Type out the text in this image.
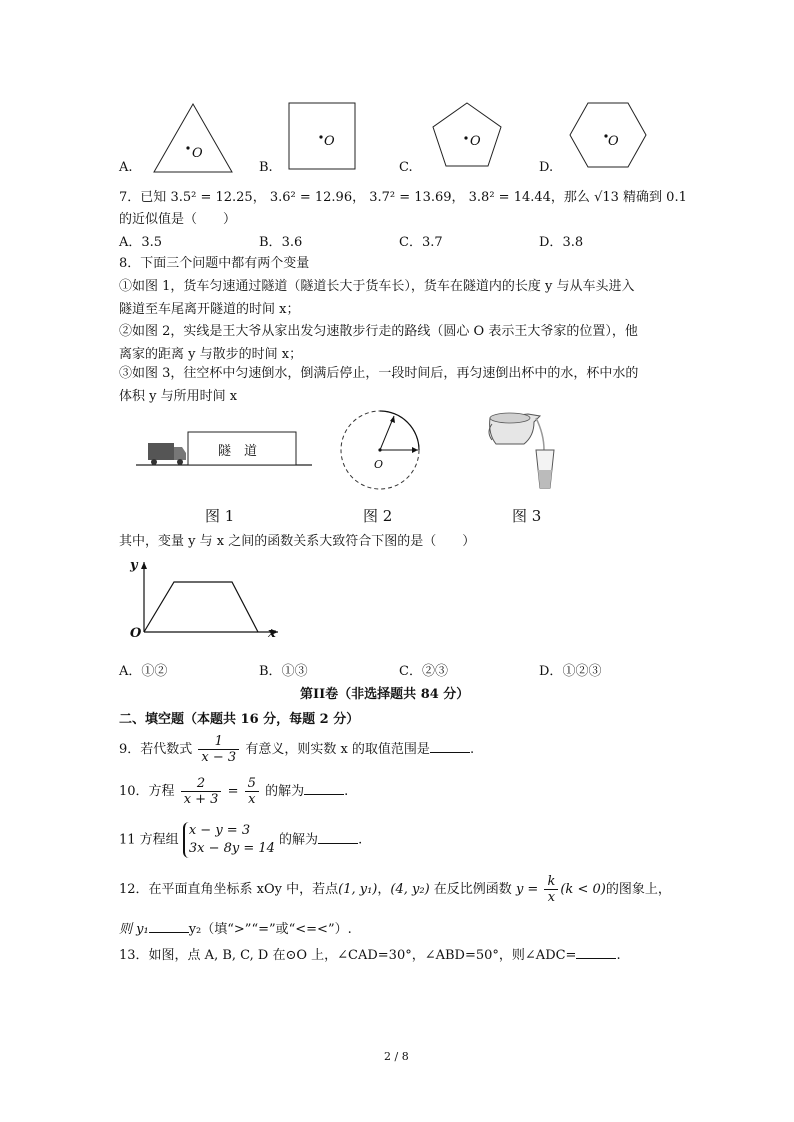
A.
O
B.
O
C.
O
D.
O
7．已知 3.5² = 12.25， 3.6² = 12.96， 3.7² = 13.69， 3.8² = 14.44，那么 √13 精确到 0.1
的近似值是（　　）
A．3.5	B．3.6	C．3.7	D．3.8
8．下面三个问题中都有两个变量
①如图 1，货车匀速通过隧道（隧道长大于货车长），货车在隧道内的长度 y 与从车头进入
隧道至车尾离开隧道的时间 x；
②如图 2，实线是王大爷从家出发匀速散步行走的路线（圆心 O 表示王大爷家的位置），他
离家的距离 y 与散步的时间 x；
③如图 3，往空杯中匀速倒水，倒满后停止，一段时间后，再匀速倒出杯中的水，杯中水的
体积 y 与所用时间 x
隧　道
图 1
O
图 2	图 3
其中，变量 y 与 x 之间的函数关系大致符合下图的是（　　）
y
x
O
A．①②	B．①③	C．②③	D．①②③
第II卷（非选择题共 84 分）
二、填空题（本题共 16 分，每题 2 分）
9．若代数式 $\frac{1}{x - 3}$ 有意义，则实数 x 的取值范围是	.
10．方程 $\frac{2}{x + 3} = \frac{5}{x}$ 的解为	.
11 方程组 x − y = 3
3x − 8y = 14 的解为	.
12．在平面直角坐标系 xOy 中，若点(1, y₁)，(4, y₂) 在反比例函数 $y = \frac{k}{x} (k < 0)$的图象上，
则 y₁	y₂（填“>”“=”或“<=<”）.
13．如图，点 A, B, C, D 在⊙O 上，∠CAD=30°，∠ABD=50°，则∠ADC=	.
2 / 8
